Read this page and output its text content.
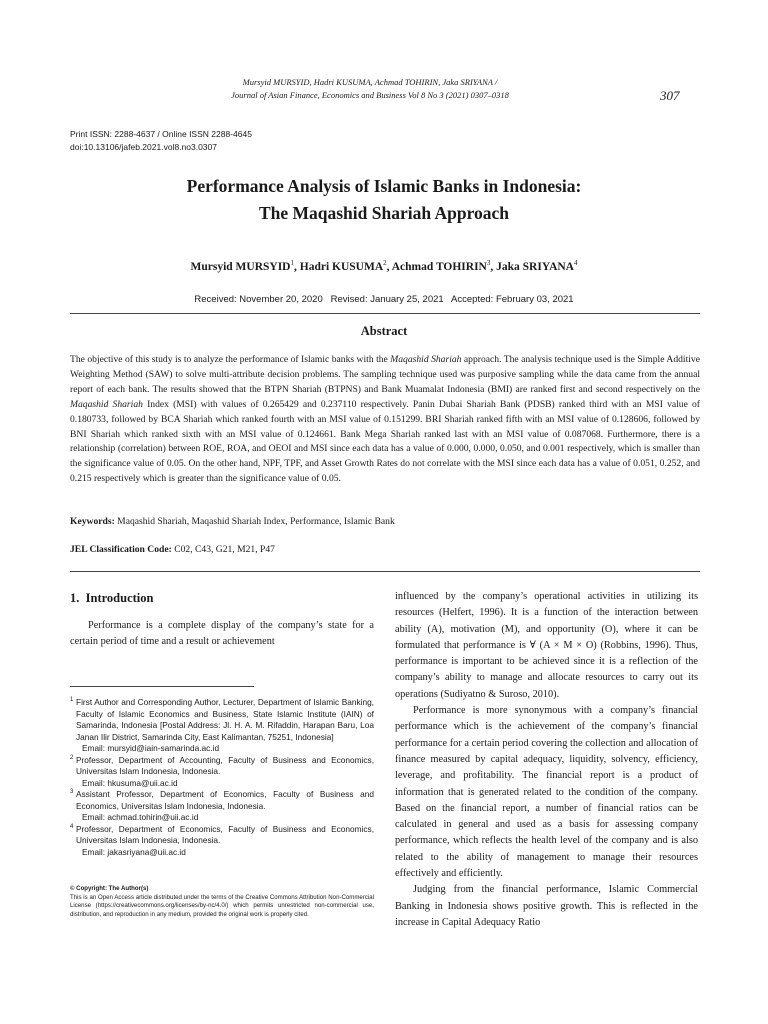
Mursyid MURSYID, Hadri KUSUMA, Achmad TOHIRIN, Jaka SRIYANA /
Journal of Asian Finance, Economics and Business Vol 8 No 3 (2021) 0307–0318	307
Print ISSN: 2288-4637 / Online ISSN 2288-4645
doi:10.13106/jafeb.2021.vol8.no3.0307
Performance Analysis of Islamic Banks in Indonesia:
The Maqashid Shariah Approach
Mursyid MURSYID$^1$, Hadri KUSUMA$^2$, Achmad TOHIRIN$^3$, Jaka SRIYANA$^4$
Received: November 20, 2020   Revised: January 25, 2021   Accepted: February 03, 2021
Abstract
The objective of this study is to analyze the performance of Islamic banks with the Maqashid Shariah approach. The analysis technique used is the Simple Additive Weighting Method (SAW) to solve multi-attribute decision problems. The sampling technique used was purposive sampling while the data came from the annual report of each bank. The results showed that the BTPN Shariah (BTPNS) and Bank Muamalat Indonesia (BMI) are ranked first and second respectively on the Maqashid Shariah Index (MSI) with values of 0.265429 and 0.237110 respectively. Panin Dubai Shariah Bank (PDSB) ranked third with an MSI value of 0.180733, followed by BCA Shariah which ranked fourth with an MSI value of 0.151299. BRI Shariah ranked fifth with an MSI value of 0.128606, followed by BNI Shariah which ranked sixth with an MSI value of 0.124661. Bank Mega Shariah ranked last with an MSI value of 0.087068. Furthermore, there is a relationship (correlation) between ROE, ROA, and OEOI and MSI since each data has a value of 0.000, 0.000, 0.050, and 0.001 respectively, which is smaller than the significance value of 0.05. On the other hand, NPF, TPF, and Asset Growth Rates do not correlate with the MSI since each data has a value of 0.051, 0.252, and 0.215 respectively which is greater than the significance value of 0.05.
Keywords: Maqashid Shariah, Maqashid Shariah Index, Performance, Islamic Bank
JEL Classification Code: C02, C43, G21, M21, P47
1.  Introduction
Performance is a complete display of the company’s state for a certain period of time and a result or achievement
1 First Author and Corresponding Author, Lecturer, Department of Islamic Banking, Faculty of Islamic Economics and Business, State Islamic Institute (IAIN) of Samarinda, Indonesia [Postal Address: Jl. H. A. M. Rifaddin, Harapan Baru, Loa Janan Ilir District, Samarinda City, East Kalimantan, 75251, Indonesia]
Email: mursyid@iain-samarinda.ac.id
2 Professor, Department of Accounting, Faculty of Business and Economics, Universitas Islam Indonesia, Indonesia.
Email: hkusuma@uii.ac.id
3 Assistant Professor, Department of Economics, Faculty of Business and Economics, Universitas Islam Indonesia, Indonesia.
Email: achmad.tohirin@uii.ac.id
4 Professor, Department of Economics, Faculty of Business and Economics, Universitas Islam Indonesia, Indonesia.
Email: jakasriyana@uii.ac.id
© Copyright: The Author(s)
This is an Open Access article distributed under the terms of the Creative Commons Attribution Non-Commercial License (https://creativecommons.org/licenses/by-nc/4.0/) which permits unrestricted non-commercial use, distribution, and reproduction in any medium, provided the original work is properly cited.

influenced by the company’s operational activities in utilizing its resources (Helfert, 1996). It is a function of the interaction between ability (A), motivation (M), and opportunity (O), where it can be formulated that performance is ∀ (A × M × O) (Robbins, 1996). Thus, performance is important to be achieved since it is a reflection of the company’s ability to manage and allocate resources to carry out its operations (Sudiyatno & Suroso, 2010).

Performance is more synonymous with a company’s financial performance which is the achievement of the company’s financial performance for a certain period covering the collection and allocation of finance measured by capital adequacy, liquidity, solvency, efficiency, leverage, and profitability. The financial report is a product of information that is generated related to the condition of the company. Based on the financial report, a number of financial ratios can be calculated in general and used as a basis for assessing company performance, which reflects the health level of the company and is also related to the ability of management to manage their resources effectively and efficiently.

Judging from the financial performance, Islamic Commercial Banking in Indonesia shows positive growth. This is reflected in the increase in Capital Adequacy Ratio
